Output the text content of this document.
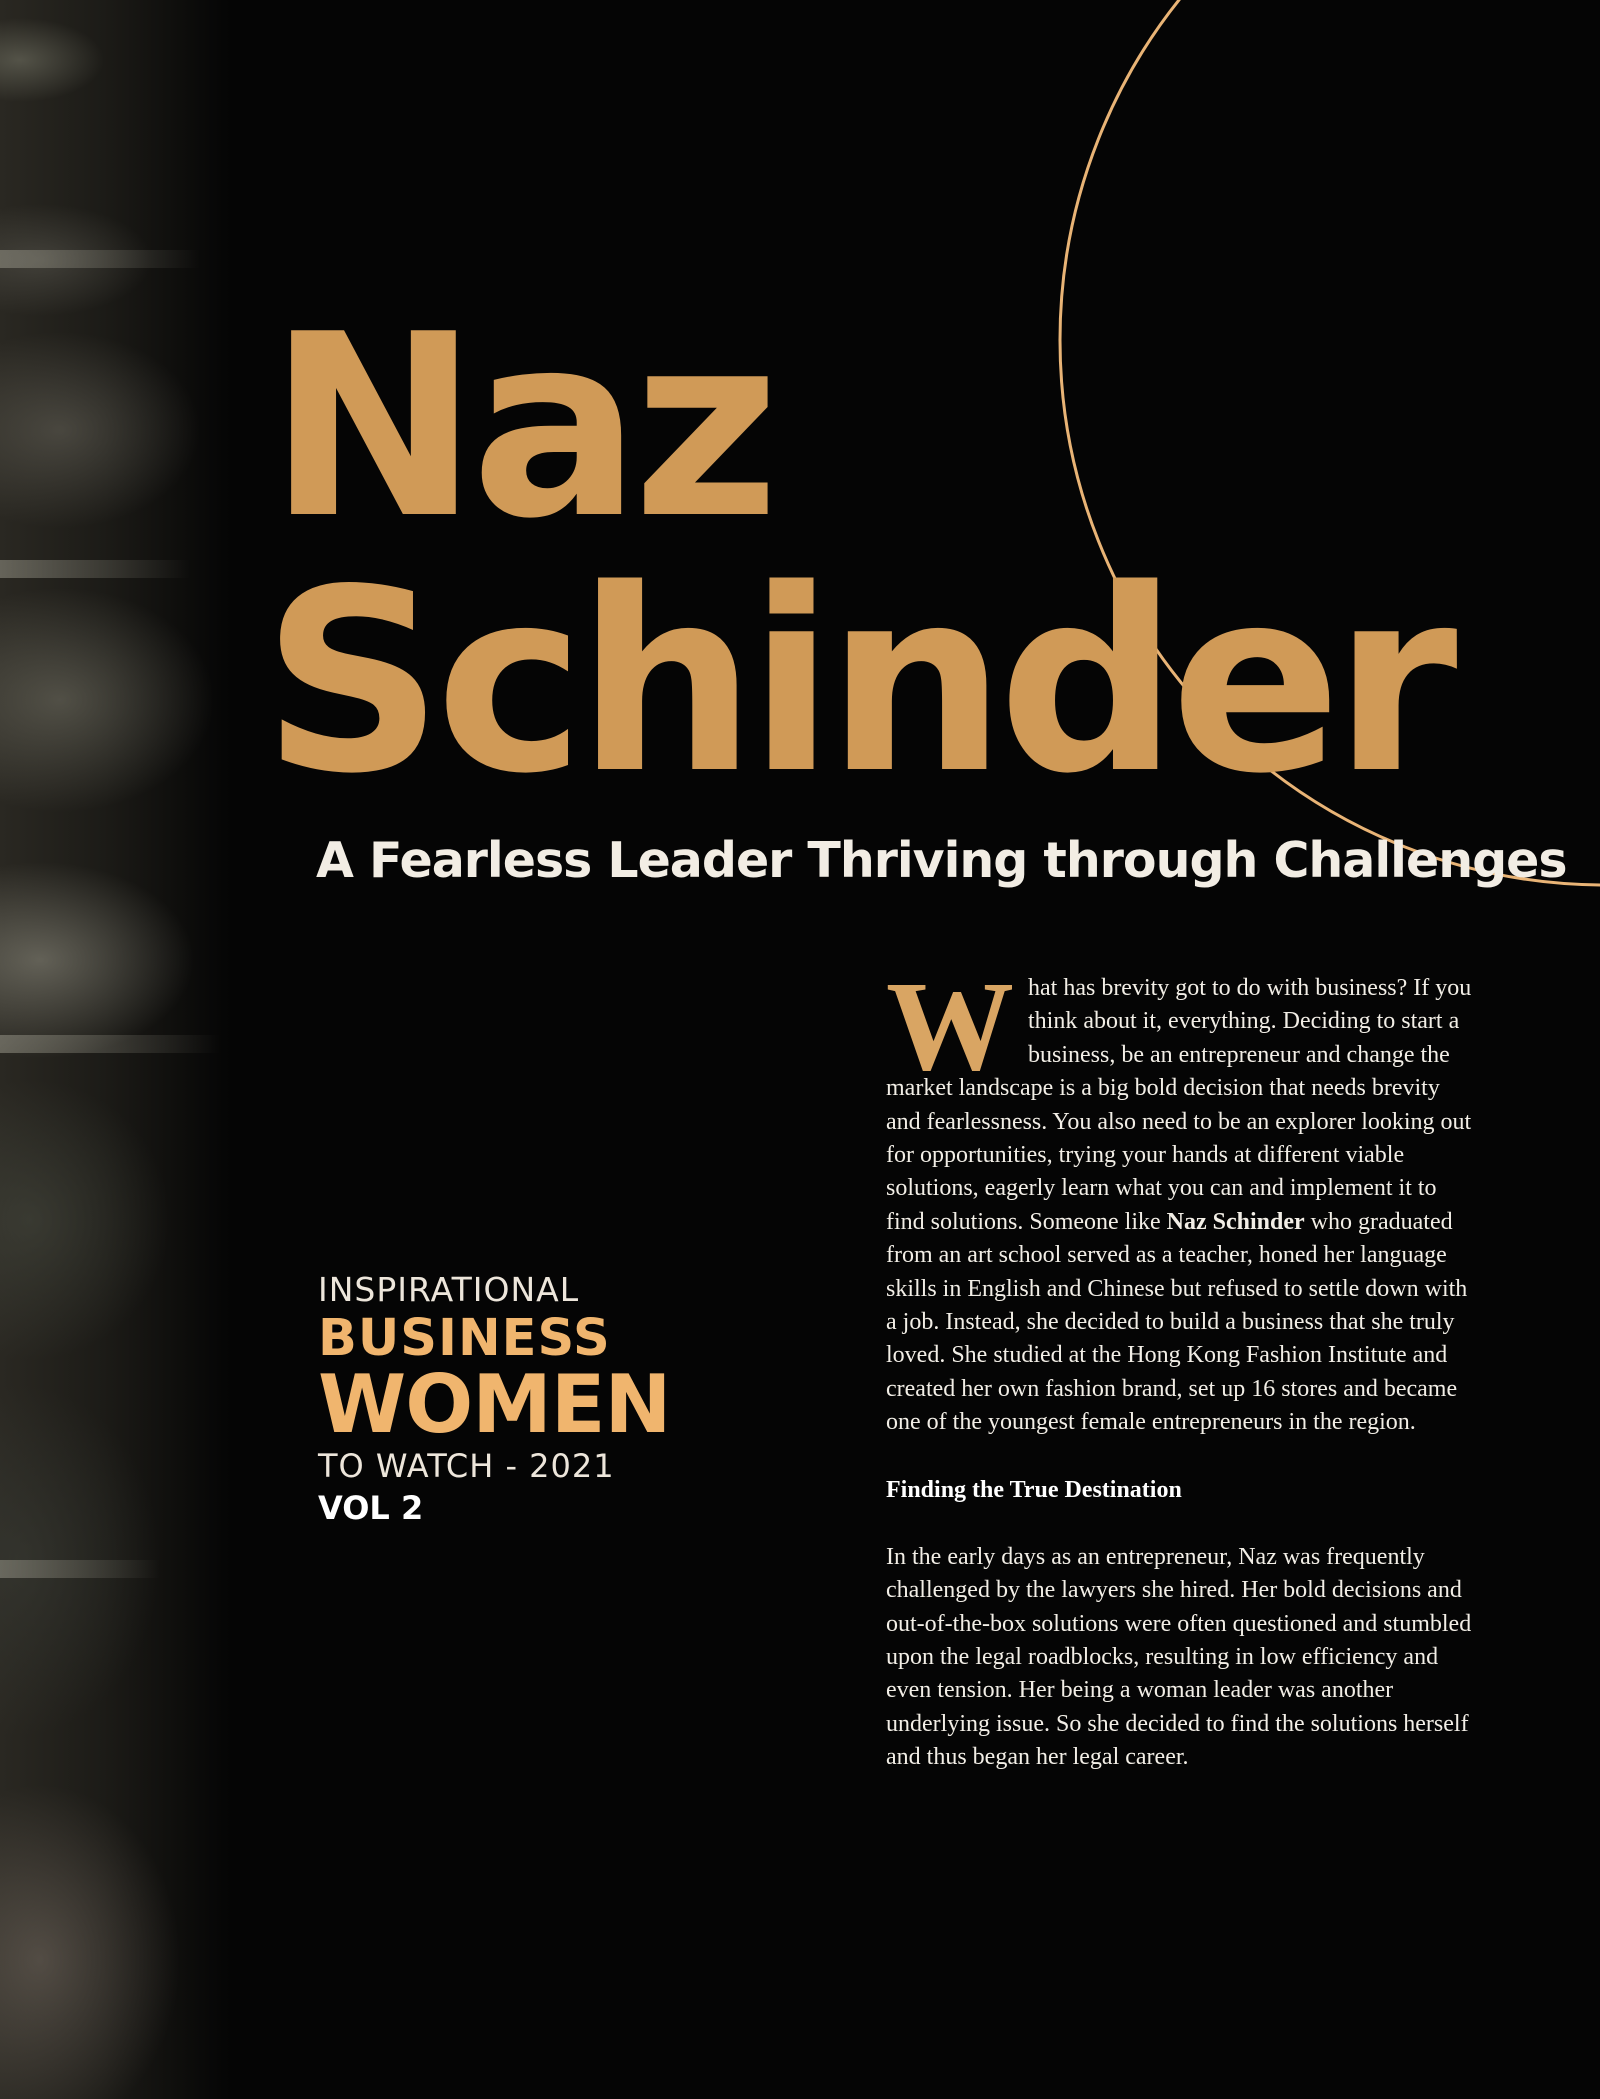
Naz
Schinder
A Fearless Leader Thriving through Challenges
INSPIRATIONAL
BUSINESS
WOMEN
TO WATCH - 2021
VOL 2

What has brevity got to do with business? If you think about it, everything. Deciding to start a business, be an entrepreneur and change the market landscape is a big bold decision that needs brevity and fearlessness. You also need to be an explorer looking out for opportunities, trying your hands at different viable solutions, eagerly learn what you can and implement it to find solutions. Someone like Naz Schinder who graduated from an art school served as a teacher, honed her language skills in English and Chinese but refused to settle down with a job. Instead, she decided to build a business that she truly loved. She studied at the Hong Kong Fashion Institute and created her own fashion brand, set up 16 stores and became one of the youngest female entrepreneurs in the region.

Finding the True Destination

In the early days as an entrepreneur, Naz was frequently challenged by the lawyers she hired. Her bold decisions and out-of-the-box solutions were often questioned and stumbled upon the legal roadblocks, resulting in low efficiency and even tension. Her being a woman leader was another underlying issue. So she decided to find the solutions herself and thus began her legal career.
